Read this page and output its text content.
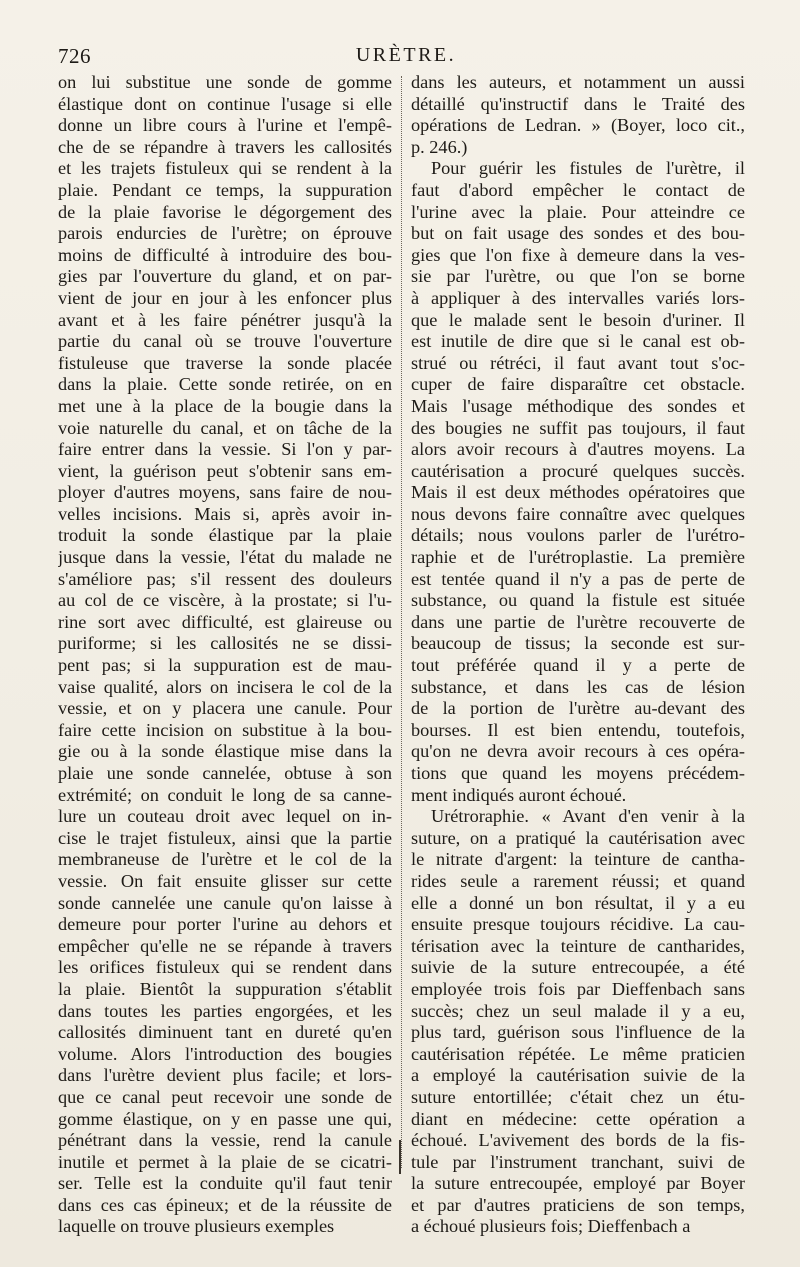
726	URÈTRE.
on lui substitue une sonde de gomme
élastique dont on continue l'usage si elle
donne un libre cours à l'urine et l'empê-
che de se répandre à travers les callosités
et les trajets fistuleux qui se rendent à la
plaie. Pendant ce temps, la suppuration
de la plaie favorise le dégorgement des
parois endurcies de l'urètre; on éprouve
moins de difficulté à introduire des bou-
gies par l'ouverture du gland, et on par-
vient de jour en jour à les enfoncer plus
avant et à les faire pénétrer jusqu'à la
partie du canal où se trouve l'ouverture
fistuleuse que traverse la sonde placée
dans la plaie. Cette sonde retirée, on en
met une à la place de la bougie dans la
voie naturelle du canal, et on tâche de la
faire entrer dans la vessie. Si l'on y par-
vient, la guérison peut s'obtenir sans em-
ployer d'autres moyens, sans faire de nou-
velles incisions. Mais si, après avoir in-
troduit la sonde élastique par la plaie
jusque dans la vessie, l'état du malade ne
s'améliore pas; s'il ressent des douleurs
au col de ce viscère, à la prostate; si l'u-
rine sort avec difficulté, est glaireuse ou
puriforme; si les callosités ne se dissi-
pent pas; si la suppuration est de mau-
vaise qualité, alors on incisera le col de la
vessie, et on y placera une canule. Pour
faire cette incision on substitue à la bou-
gie ou à la sonde élastique mise dans la
plaie une sonde cannelée, obtuse à son
extrémité; on conduit le long de sa canne-
lure un couteau droit avec lequel on in-
cise le trajet fistuleux, ainsi que la partie
membraneuse de l'urètre et le col de la
vessie. On fait ensuite glisser sur cette
sonde cannelée une canule qu'on laisse à
demeure pour porter l'urine au dehors et
empêcher qu'elle ne se répande à travers
les orifices fistuleux qui se rendent dans
la plaie. Bientôt la suppuration s'établit
dans toutes les parties engorgées, et les
callosités diminuent tant en dureté qu'en
volume. Alors l'introduction des bougies
dans l'urètre devient plus facile; et lors-
que ce canal peut recevoir une sonde de
gomme élastique, on y en passe une qui,
pénétrant dans la vessie, rend la canule
inutile et permet à la plaie de se cicatri-
ser. Telle est la conduite qu'il faut tenir
dans ces cas épineux; et de la réussite de
laquelle on trouve plusieurs exemples
dans les auteurs, et notamment un aussi
détaillé qu'instructif dans le Traité des
opérations de Ledran. » (Boyer, loco cit.,
p. 246.)
Pour guérir les fistules de l'urètre, il
faut d'abord empêcher le contact de
l'urine avec la plaie. Pour atteindre ce
but on fait usage des sondes et des bou-
gies que l'on fixe à demeure dans la ves-
sie par l'urètre, ou que l'on se borne
à appliquer à des intervalles variés lors-
que le malade sent le besoin d'uriner. Il
est inutile de dire que si le canal est ob-
strué ou rétréci, il faut avant tout s'oc-
cuper de faire disparaître cet obstacle.
Mais l'usage méthodique des sondes et
des bougies ne suffit pas toujours, il faut
alors avoir recours à d'autres moyens. La
cautérisation a procuré quelques succès.
Mais il est deux méthodes opératoires que
nous devons faire connaître avec quelques
détails; nous voulons parler de l'urétro-
raphie et de l'urétroplastie. La première
est tentée quand il n'y a pas de perte de
substance, ou quand la fistule est située
dans une partie de l'urètre recouverte de
beaucoup de tissus; la seconde est sur-
tout préférée quand il y a perte de
substance, et dans les cas de lésion
de la portion de l'urètre au-devant des
bourses. Il est bien entendu, toutefois,
qu'on ne devra avoir recours à ces opéra-
tions que quand les moyens précédem-
ment indiqués auront échoué.
Urétroraphie. « Avant d'en venir à la
suture, on a pratiqué la cautérisation avec
le nitrate d'argent: la teinture de cantha-
rides seule a rarement réussi; et quand
elle a donné un bon résultat, il y a eu
ensuite presque toujours récidive. La cau-
térisation avec la teinture de cantharides,
suivie de la suture entrecoupée, a été
employée trois fois par Dieffenbach sans
succès; chez un seul malade il y a eu,
plus tard, guérison sous l'influence de la
cautérisation répétée. Le même praticien
a employé la cautérisation suivie de la
suture entortillée; c'était chez un étu-
diant en médecine: cette opération a
échoué. L'avivement des bords de la fis-
tule par l'instrument tranchant, suivi de
la suture entrecoupée, employé par Boyer
et par d'autres praticiens de son temps,
a échoué plusieurs fois; Dieffenbach a
